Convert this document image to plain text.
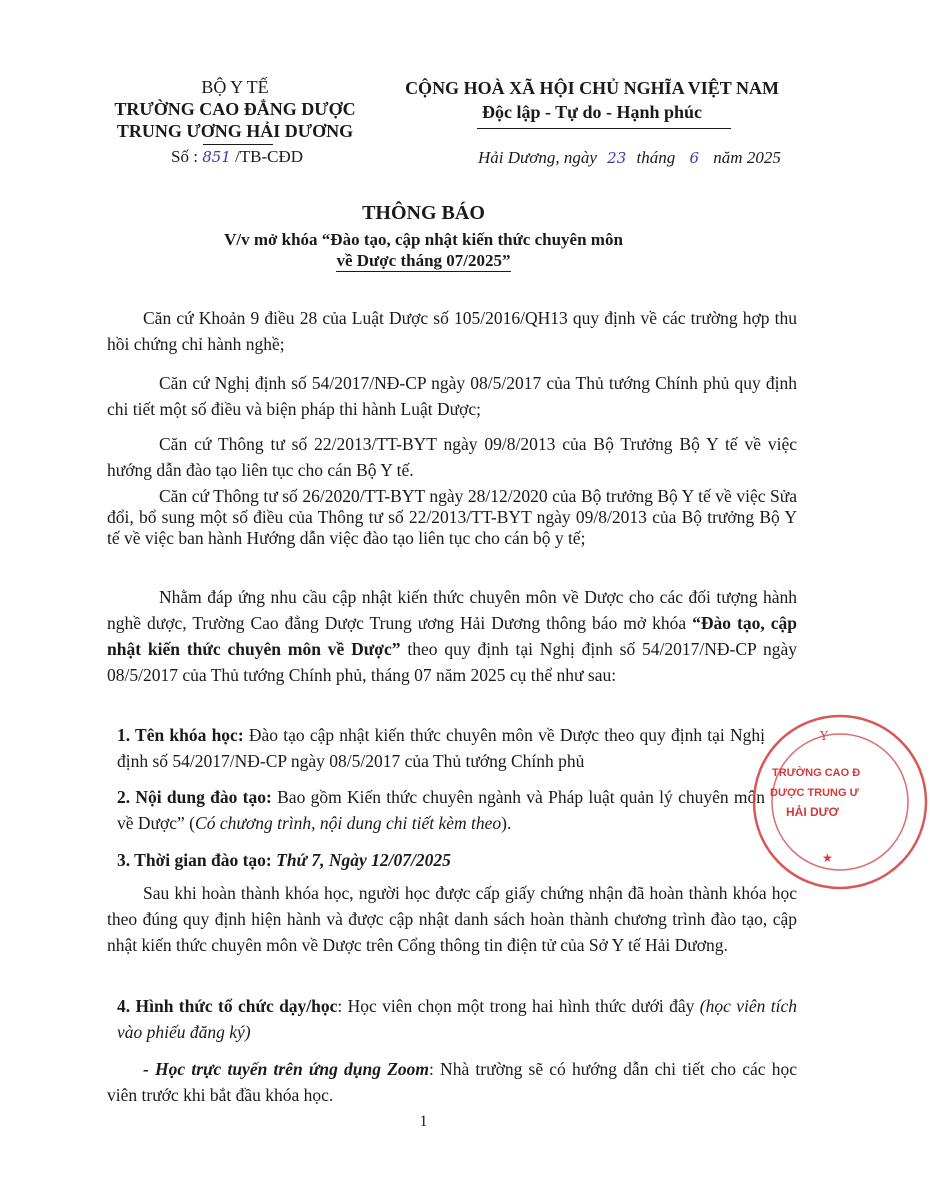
BỘ Y TẾ
TRƯỜNG CAO ĐẲNG DƯỢC
TRUNG ƯƠNG HẢI DƯƠNG
Số : 851 /TB-CĐD
CỘNG HOÀ XÃ HỘI CHỦ NGHĨA VIỆT NAM
Độc lập - Tự do - Hạnh phúc
Hải Dương, ngày 23 tháng 6 năm 2025
THÔNG BÁO
V/v mở khóa “Đào tạo, cập nhật kiến thức chuyên môn
về Dược tháng 07/2025”
Căn cứ Khoản 9 điều 28 của Luật Dược số 105/2016/QH13 quy định về các trường hợp thu hồi chứng chỉ hành nghề;
Căn cứ Nghị định số 54/2017/NĐ-CP ngày 08/5/2017 của Thủ tướng Chính phủ quy định chi tiết một số điều và biện pháp thi hành Luật Dược;
Căn cứ Thông tư số 22/2013/TT-BYT ngày 09/8/2013 của Bộ Trưởng Bộ Y tế về việc hướng dẫn đào tạo liên tục cho cán Bộ Y tế.
Căn cứ Thông tư số 26/2020/TT-BYT ngày 28/12/2020 của Bộ trưởng Bộ Y tế về việc Sửa đổi, bổ sung một số điều của Thông tư số 22/2013/TT-BYT ngày 09/8/2013 của Bộ trưởng Bộ Y tế về việc ban hành Hướng dẫn việc đào tạo liên tục cho cán bộ y tế;
Nhằm đáp ứng nhu cầu cập nhật kiến thức chuyên môn về Dược cho các đối tượng hành nghề dược, Trường Cao đẳng Dược Trung ương Hải Dương thông báo mở khóa “Đào tạo, cập nhật kiến thức chuyên môn về Dược” theo quy định tại Nghị định số 54/2017/NĐ-CP ngày 08/5/2017 của Thủ tướng Chính phủ, tháng 07 năm 2025 cụ thể như sau:
1. Tên khóa học: Đào tạo cập nhật kiến thức chuyên môn về Dược theo quy định tại Nghị định số 54/2017/NĐ-CP ngày 08/5/2017 của Thủ tướng Chính phủ
2. Nội dung đào tạo: Bao gồm Kiến thức chuyên ngành và Pháp luật quản lý chuyên môn về Dược” (Có chương trình, nội dung chi tiết kèm theo).
3. Thời gian đào tạo: Thứ 7, Ngày 12/07/2025
Sau khi hoàn thành khóa học, người học được cấp giấy chứng nhận đã hoàn thành khóa học theo đúng quy định hiện hành và được cập nhật danh sách hoàn thành chương trình đào tạo, cập nhật kiến thức chuyên môn về Dược trên Cổng thông tin điện tử của Sở Y tế Hải Dương.
4. Hình thức tổ chức dạy/học: Học viên chọn một trong hai hình thức dưới đây (học viên tích vào phiếu đăng ký)
- Học trực tuyến trên ứng dụng Zoom: Nhà trường sẽ có hướng dẫn chi tiết cho các học viên trước khi bắt đầu khóa học.
1
Y
TRƯỜNG CAO Đ
DƯỢC TRUNG Ư
HẢI DƯƠ
★
